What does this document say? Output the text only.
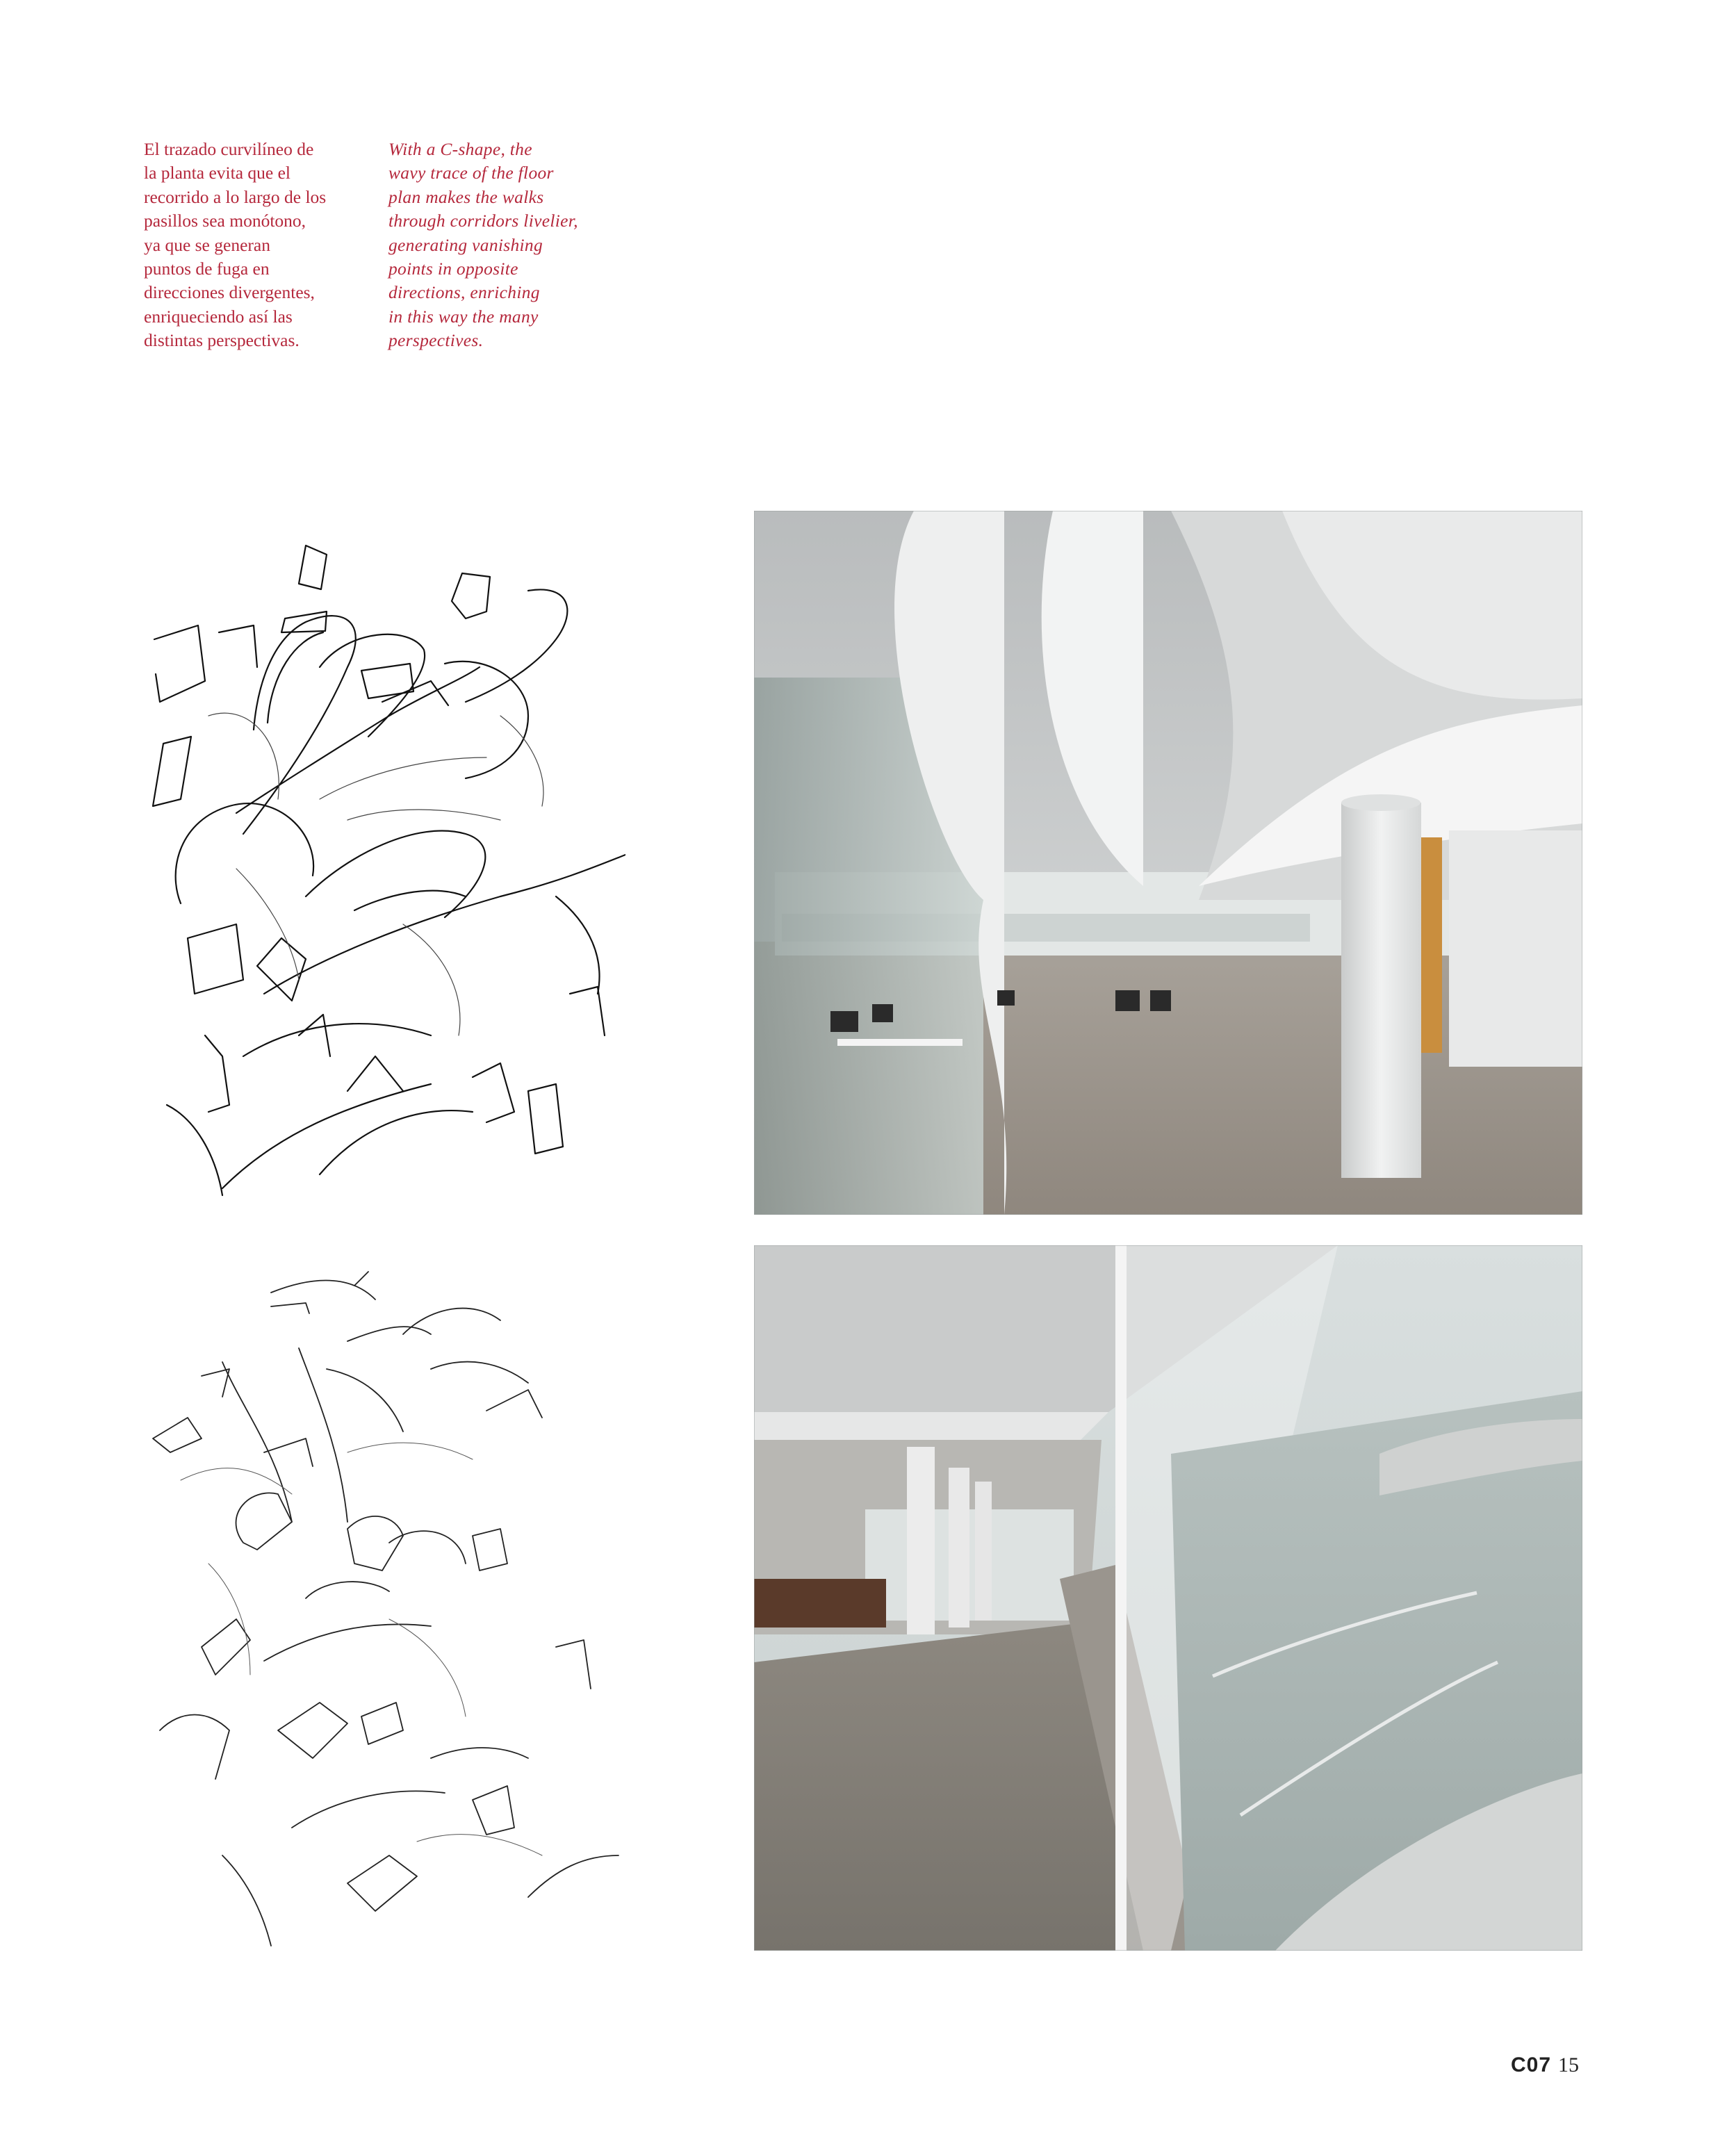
El trazado curvilíneo de
la planta evita que el
recorrido a lo largo de los
pasillos sea monótono,
ya que se generan
puntos de fuga en
direcciones divergentes,
enriqueciendo así las
distintas perspectivas.

With a C-shape, the
wavy trace of the floor
plan makes the walks
through corridors livelier,
generating vanishing
points in opposite
directions, enriching
in this way the many
perspectives.

C07 15
